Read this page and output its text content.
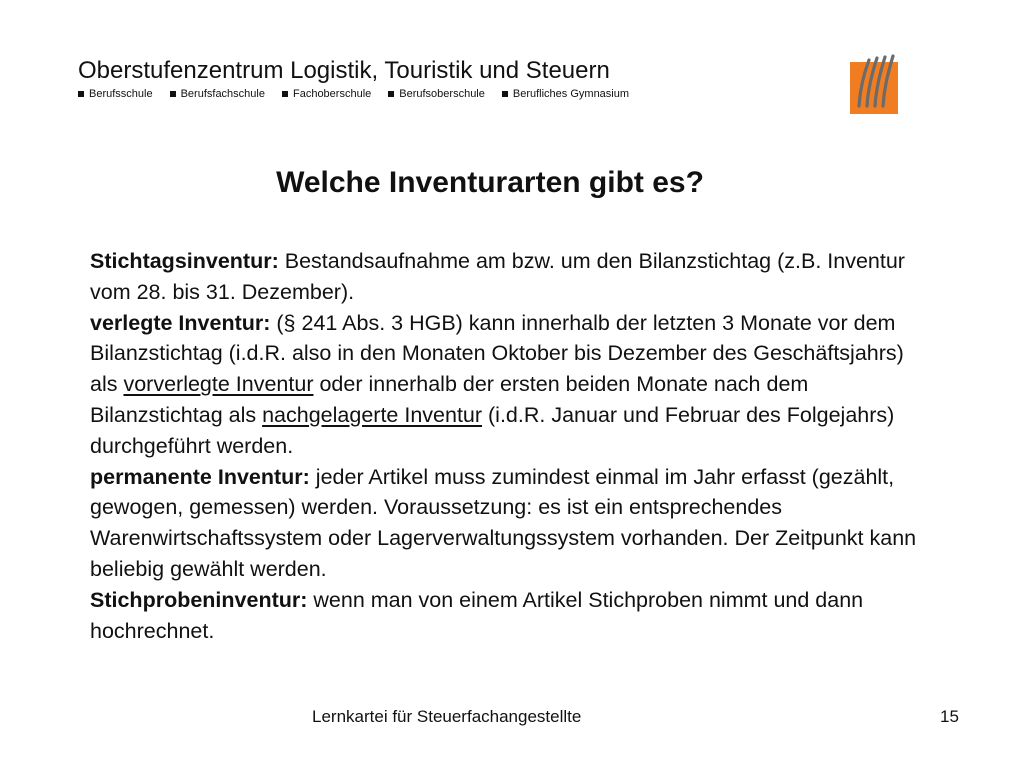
Oberstufenzentrum Logistik, Touristik und Steuern
Berufsschule	Berufsfachschule	Fachoberschule	Berufsoberschule	Berufliches Gymnasium
Welche Inventurarten gibt es?

Stichtagsinventur: Bestandsaufnahme am bzw. um den Bilanzstichtag (z.B. Inventur vom 28. bis 31. Dezember).

verlegte Inventur: (§ 241 Abs. 3 HGB) kann innerhalb der letzten 3 Monate vor dem Bilanzstichtag (i.d.R. also in den Monaten Oktober bis Dezember des Geschäftsjahrs) als vorverlegte Inventur oder innerhalb der ersten beiden Monate nach dem Bilanzstichtag als nachgelagerte Inventur (i.d.R. Januar und Februar des Folgejahrs) durchgeführt werden.

permanente Inventur: jeder Artikel muss zumindest einmal im Jahr erfasst (gezählt, gewogen, gemessen) werden. Voraussetzung: es ist ein entsprechendes Warenwirtschaftssystem oder Lagerverwaltungssystem vorhanden. Der Zeitpunkt kann beliebig gewählt werden.

Stichprobeninventur: wenn man von einem Artikel Stichproben nimmt und dann hochrechnet.

Lernkartei für Steuerfachangestellte	15
